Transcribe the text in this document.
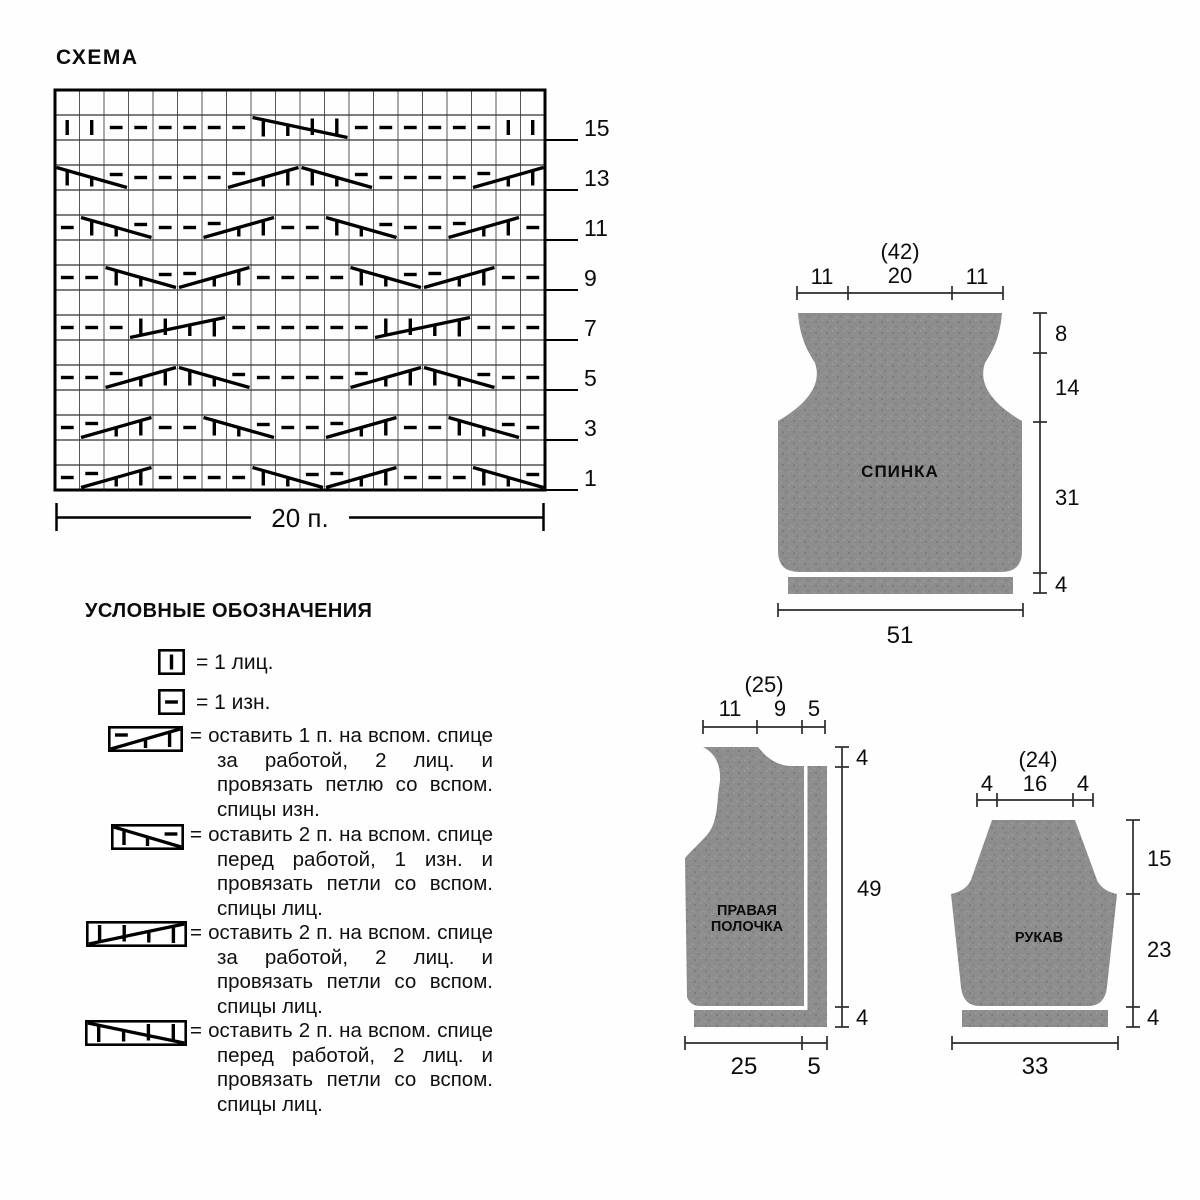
СХЕМА
15
13
11
9
7
5
3
1
20 п.
УСЛОВНЫЕ ОБОЗНАЧЕНИЯ
= 1 лиц.
= 1 изн.
= оставить 1 п. на вспом. спице за работой, 2 лиц. и провязать петлю со вспом. спицы изн.
= оставить 2 п. на вспом. спице перед работой, 1 изн. и провязать петли со вспом. спицы лиц.
= оставить 2 п. на вспом. спице за работой, 2 лиц. и провязать петли со вспом. спицы лиц.
= оставить 2 п. на вспом. спице перед работой, 2 лиц. и провязать петли со вспом. спицы лиц.
(42)
11 20 11
8
14
31
4
51
СПИНКА
(25)
11 9 5
4
49
4
25 5
ПРАВАЯ
ПОЛОЧКА
(24)
4 16 4
15
23
4
33
РУКАВ
